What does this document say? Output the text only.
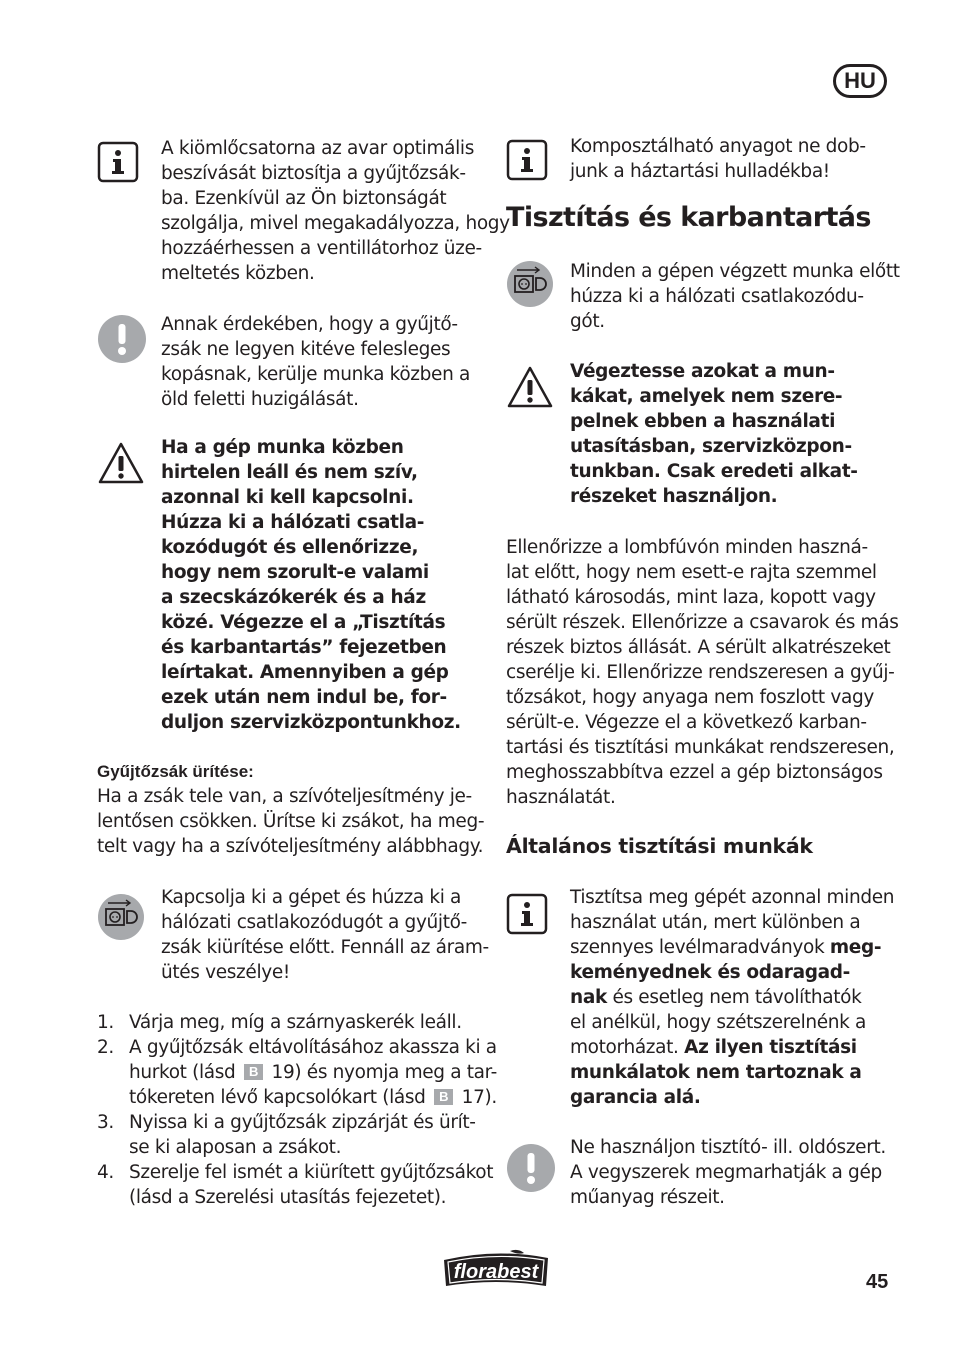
HU
A kiömlőcsatorna az avar optimális
beszívását biztosítja a gyűjtőzsák-
ba. Ezenkívül az Ön biztonságát
szolgálja, mivel megakadályozza, hogy
hozzáérhessen a ventillátorhoz üze-
meltetés közben.
Annak érdekében, hogy a gyűjtő-
zsák ne legyen kitéve felesleges
kopásnak, kerülje munka közben a
öld feletti huzigálását.
Ha a gép munka közben
hirtelen leáll és nem szív,
azonnal ki kell kapcsolni.
Húzza ki a hálózati csatla-
kozódugót és ellenőrizze,
hogy nem szorult-e valami
a szecskázókerék és a ház
közé. Végezze el a „Tisztítás
és karbantartás” fejezetben
leírtakat. Amennyiben a gép
ezek után nem indul be, for-
duljon szervizközpontunkhoz.

Gyűjtőzsák ürítése:

Ha a zsák tele van, a szívóteljesítmény je-
lentősen csökken. Ürítse ki zsákot, ha meg-
telt vagy ha a szívóteljesítmény alábbhagy.
Kapcsolja ki a gépet és húzza ki a
hálózati csatlakozódugót a gyűjtő-
zsák kiürítése előtt. Fennáll az áram-
ütés veszélye!
1. Várja meg, míg a szárnyaskerék leáll.
2. A gyűjtőzsák eltávolításához akassza ki a
hurkot (lásd B 19) és nyomja meg a tar-
tókereten lévő kapcsolókart (lásd B 17).
3. Nyissa ki a gyűjtőzsák zipzárját és ürít-
se ki alaposan a zsákot.
4. Szerelje fel ismét a kiürített gyűjtőzsákot
(lásd a Szerelési utasítás fejezetet).
Komposztálható anyagot ne dob-
junk a háztartási hulladékba!
Tisztítás és karbantartás
Minden a gépen végzett munka előtt
húzza ki a hálózati csatlakozódu-
gót.
Végeztesse azokat a mun-
kákat, amelyek nem szere-
pelnek ebben a használati
utasításban, szervizközpon-
tunkban. Csak eredeti alkat-
részeket használjon.
Ellenőrizze a lombfúvón minden haszná-
lat előtt, hogy nem esett-e rajta szemmel
látható károsodás, mint laza, kopott vagy
sérült részek. Ellenőrizze a csavarok és más
részek biztos állását. A sérült alkatrészeket
cserélje ki. Ellenőrizze rendszeresen a gyűj-
tőzsákot, hogy anyaga nem foszlott vagy
sérült-e. Végezze el a következő karban-
tartási és tisztítási munkákat rendszeresen,
meghosszabbítva ezzel a gép biztonságos
használatát.
Általános tisztítási munkák
Tisztítsa meg gépét azonnal minden
használat után, mert különben a
szennyes levélmaradványok meg-
keményednek és odaragad-
nak és esetleg nem távolíthatók
el anélkül, hogy szétszerelnénk a
motorházat. Az ilyen tisztítási
munkálatok nem tartoznak a
garancia alá.
Ne használjon tisztító- ill. oldószert.
A vegyszerek megmarhatják a gép
műanyag részeit.
florabest	45
